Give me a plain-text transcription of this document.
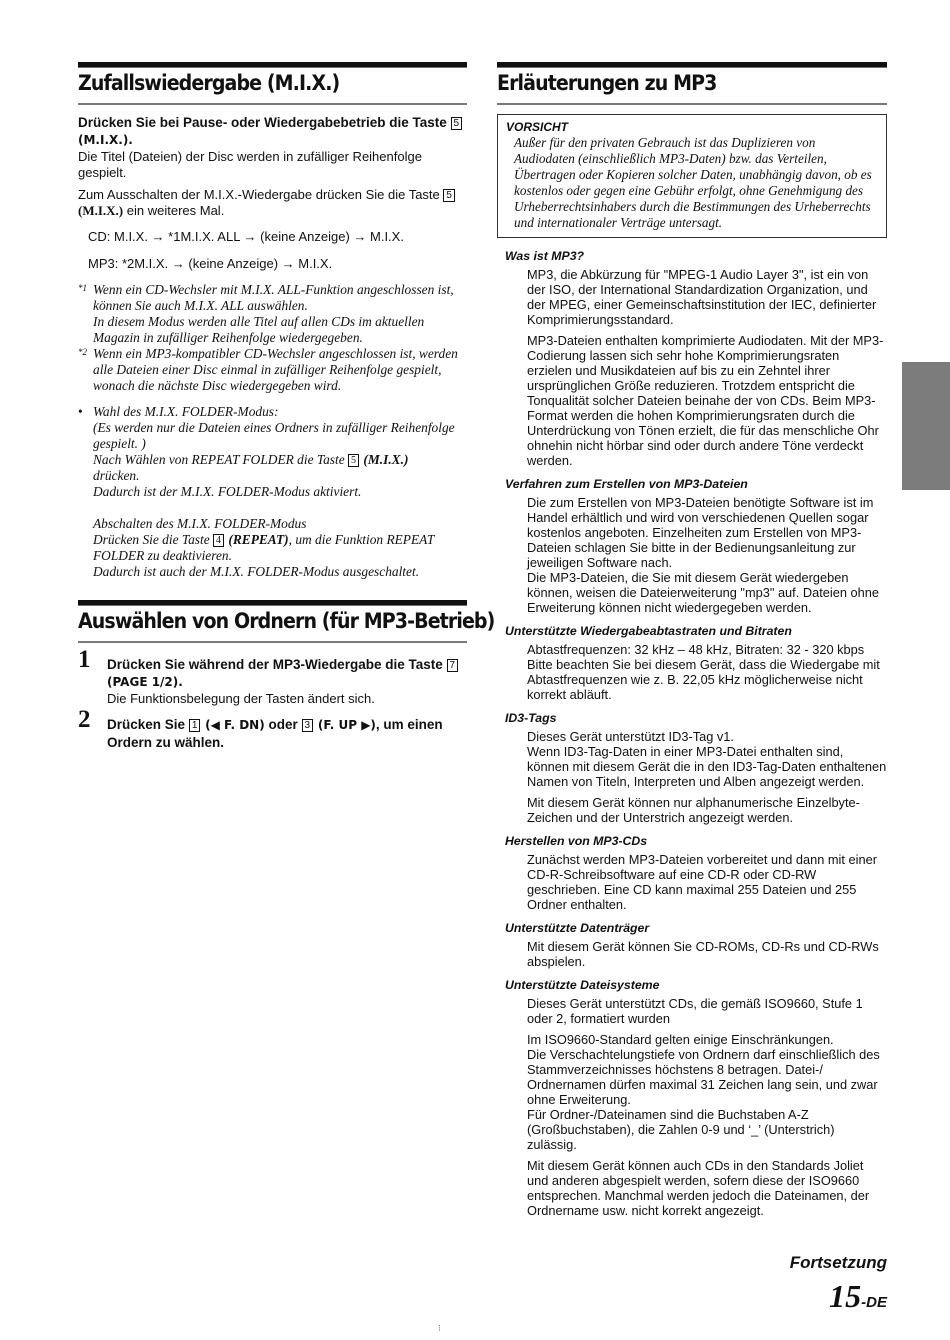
Zufallswiedergabe (M.I.X.)

Drücken Sie bei Pause- oder Wiedergabebetrieb die Taste 5 (M.I.X.).

Die Titel (Dateien) der Disc werden in zufälliger Reihenfolge gespielt.

Zum Ausschalten der M.I.X.-Wiedergabe drücken Sie die Taste 5 (M.I.X.) ein weiteres Mal.

CD: M.I.X. → *1M.I.X. ALL → (keine Anzeige) → M.I.X.

MP3: *2M.I.X. → (keine Anzeige) → M.I.X.

*1 Wenn ein CD-Wechsler mit M.I.X. ALL-Funktion angeschlossen ist, können Sie auch M.I.X. ALL auswählen.

In diesem Modus werden alle Titel auf allen CDs im aktuellen Magazin in zufälliger Reihenfolge wiedergegeben.

*2 Wenn ein MP3-kompatibler CD-Wechsler angeschlossen ist, werden alle Dateien einer Disc einmal in zufälliger Reihenfolge gespielt, wonach die nächste Disc wiedergegeben wird.

• Wahl des M.I.X. FOLDER-Modus:

(Es werden nur die Dateien eines Ordners in zufälliger Reihenfolge gespielt. )

Nach Wählen von REPEAT FOLDER die Taste 5 (M.I.X.)
drücken.

Dadurch ist der M.I.X. FOLDER-Modus aktiviert.

Abschalten des M.I.X. FOLDER-Modus

Drücken Sie die Taste 4 (REPEAT), um die Funktion REPEAT FOLDER zu deaktivieren.

Dadurch ist auch der M.I.X. FOLDER-Modus ausgeschaltet.

Auswählen von Ordnern (für MP3-Betrieb)
1 Drücken Sie während der MP3-Wiedergabe die Taste 7 (PAGE 1/2).

Die Funktionsbelegung der Tasten ändert sich.

2 Drücken Sie 1 (◀ F. DN) oder 3 (F. UP ▶), um einen Ordern zu wählen.

Erläuterungen zu MP3

VORSICHT

Außer für den privaten Gebrauch ist das Duplizieren von Audiodaten (einschließlich MP3-Daten) bzw. das Verteilen, Übertragen oder Kopieren solcher Daten, unabhängig davon, ob es kostenlos oder gegen eine Gebühr erfolgt, ohne Genehmigung des Urheberrechtsinhabers durch die Bestimmungen des Urheberrechts und internationaler Verträge untersagt.

Was ist MP3?

MP3, die Abkürzung für "MPEG-1 Audio Layer 3", ist ein von der ISO, der International Standardization Organization, und der MPEG, einer Gemeinschaftsinstitution der IEC, definierter Komprimierungsstandard.

MP3-Dateien enthalten komprimierte Audiodaten. Mit der MP3-Codierung lassen sich sehr hohe Komprimierungsraten erzielen und Musikdateien auf bis zu ein Zehntel ihrer ursprünglichen Größe reduzieren. Trotzdem entspricht die Tonqualität solcher Dateien beinahe der von CDs. Beim MP3-Format werden die hohen Komprimierungsraten durch die Unterdrückung von Tönen erzielt, die für das menschliche Ohr ohnehin nicht hörbar sind oder durch andere Töne verdeckt werden.

Verfahren zum Erstellen von MP3-Dateien

Die zum Erstellen von MP3-Dateien benötigte Software ist im Handel erhältlich und wird von verschiedenen Quellen sogar kostenlos angeboten. Einzelheiten zum Erstellen von MP3-Dateien schlagen Sie bitte in der Bedienungsanleitung zur jeweiligen Software nach.
Die MP3-Dateien, die Sie mit diesem Gerät wiedergeben können, weisen die Dateierweiterung "mp3" auf. Dateien ohne Erweiterung können nicht wiedergegeben werden.

Unterstützte Wiedergabeabtastraten und Bitraten

Abtastfrequenzen: 32 kHz – 48 kHz, Bitraten: 32 - 320 kbps
Bitte beachten Sie bei diesem Gerät, dass die Wiedergabe mit Abtastfrequenzen wie z. B. 22,05 kHz möglicherweise nicht korrekt abläuft.

ID3-Tags

Dieses Gerät unterstützt ID3-Tag v1.
Wenn ID3-Tag-Daten in einer MP3-Datei enthalten sind, können mit diesem Gerät die in den ID3-Tag-Daten enthaltenen Namen von Titeln, Interpreten und Alben angezeigt werden.

Mit diesem Gerät können nur alphanumerische Einzelbyte-Zeichen und der Unterstrich angezeigt werden.

Herstellen von MP3-CDs

Zunächst werden MP3-Dateien vorbereitet und dann mit einer CD-R-Schreibsoftware auf eine CD-R oder CD-RW geschrieben. Eine CD kann maximal 255 Dateien und 255 Ordner enthalten.

Unterstützte Datenträger

Mit diesem Gerät können Sie CD-ROMs, CD-Rs und CD-RWs abspielen.

Unterstützte Dateisysteme

Dieses Gerät unterstützt CDs, die gemäß ISO9660, Stufe 1 oder 2, formatiert wurden

Im ISO9660-Standard gelten einige Einschränkungen.
Die Verschachtelungstiefe von Ordnern darf einschließlich des Stammverzeichnisses höchstens 8 betragen. Datei-/ Ordnernamen dürfen maximal 31 Zeichen lang sein, und zwar ohne Erweiterung.
Für Ordner-/Dateinamen sind die Buchstaben A-Z (Großbuchstaben), die Zahlen 0-9 und ‘_’ (Unterstrich) zulässig.

Mit diesem Gerät können auch CDs in den Standards Joliet und anderen abgespielt werden, sofern diese der ISO9660 entsprechen. Manchmal werden jedoch die Dateinamen, der Ordnername usw. nicht korrekt angezeigt.

Fortsetzung
15-DE
⁝
